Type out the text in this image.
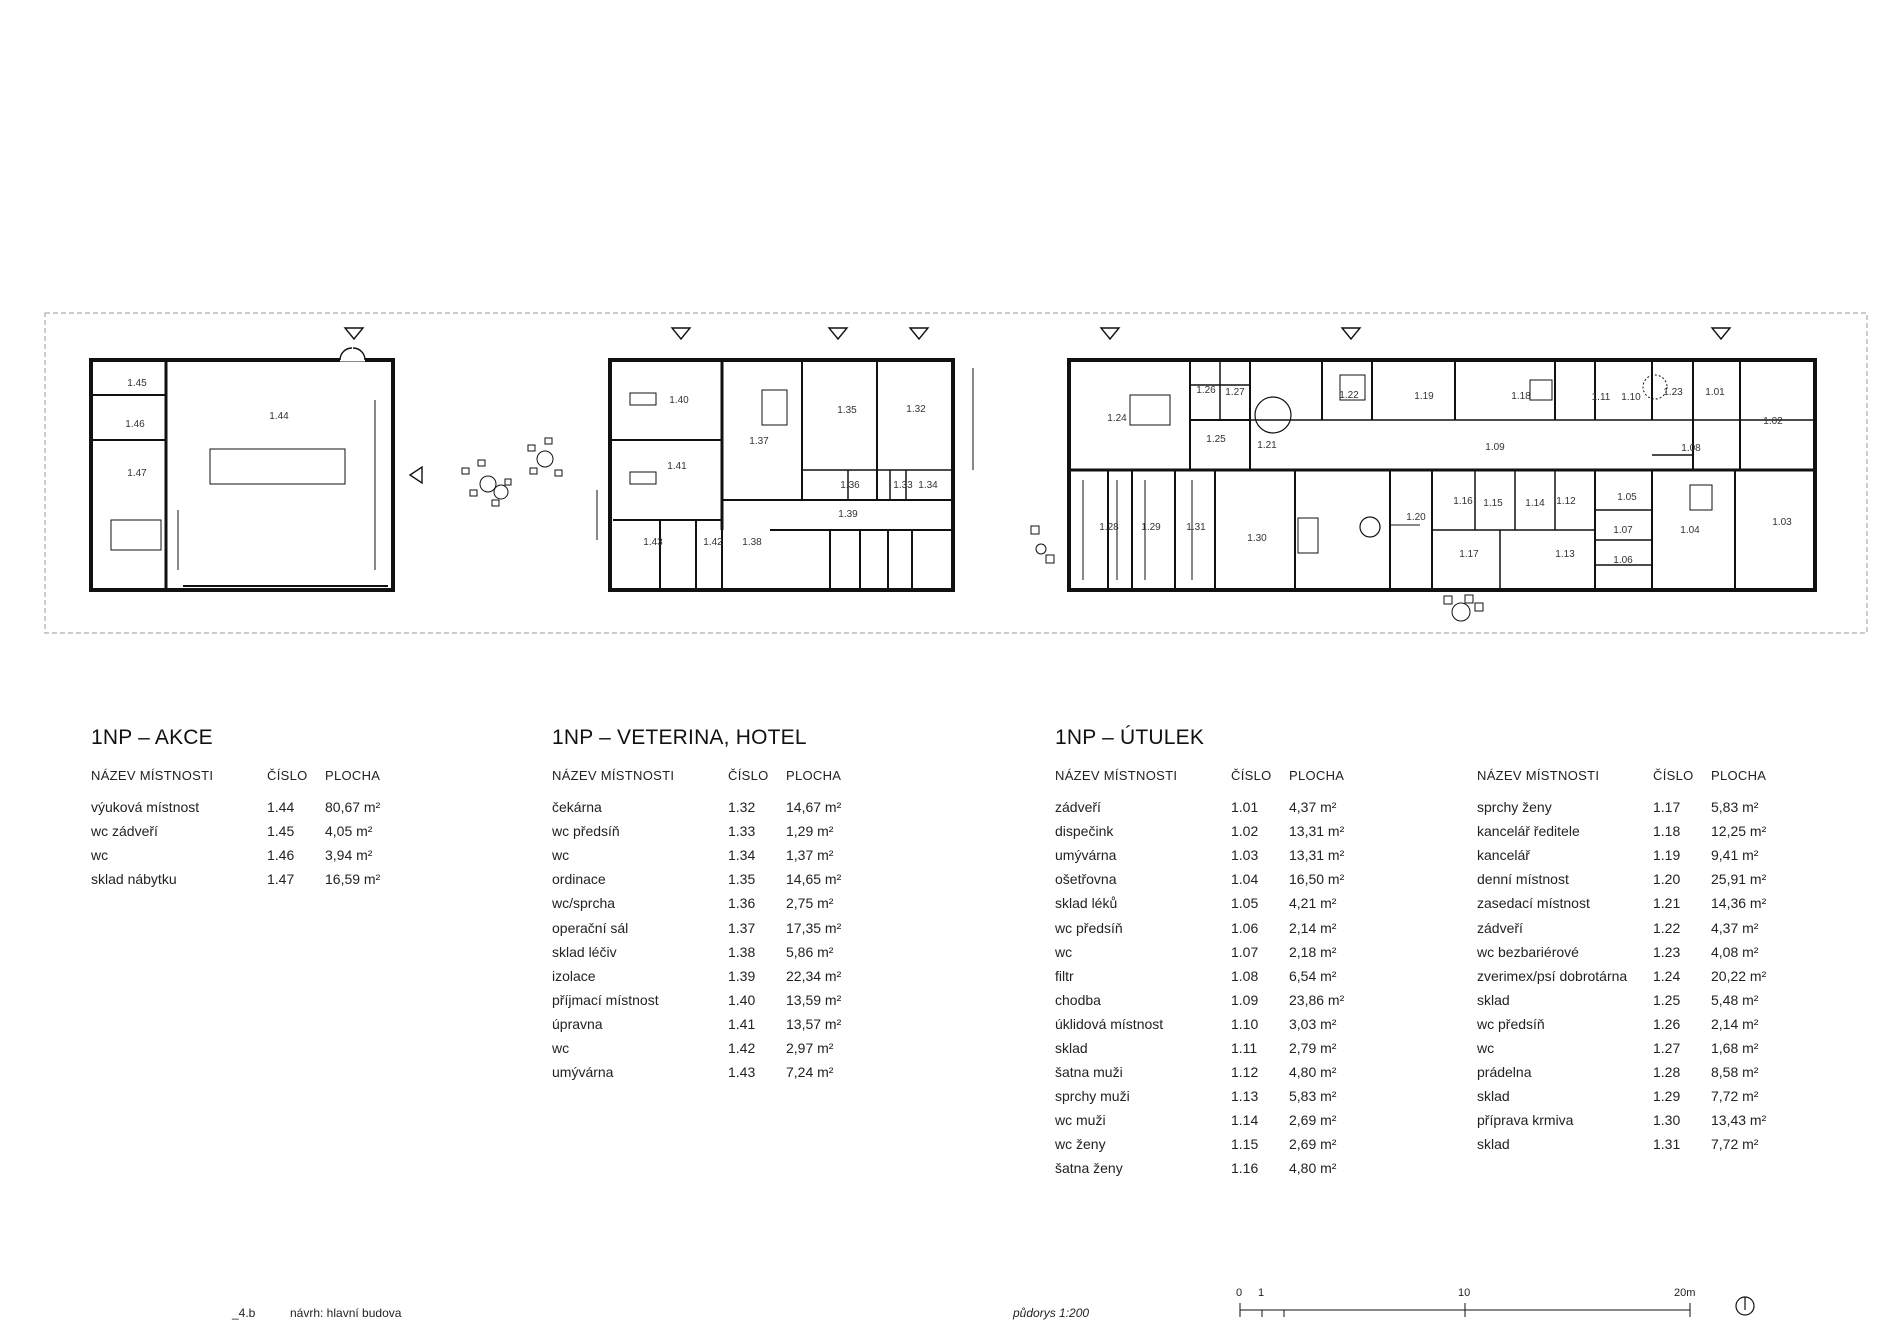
1.45
1.46
1.44
1.47
1.40
1.37
1.35	1.32
1.41
1.36	1.33 1.34
1.39
1.43	1.42 1.38
1.24
1.26 1.27
1.25
1.21
1.22	1.19	1.18	1.11 1.10 1.23 1.01
1.02
1.09	1.08
1.28 1.29	1.31
1.30
1.20
1.16 1.15 1.14 1.12	1.05
1.04
1.03
1.07
1.06
1.17	1.13
1NP – AKCE
NÁZEV MÍSTNOSTI	ČÍSLO	PLOCHA
výuková místnost	1.44	80,67 m²
wc zádveří	1.45	4,05 m²
wc	1.46	3,94 m²
sklad nábytku	1.47	16,59 m²
1NP – VETERINA, HOTEL
NÁZEV MÍSTNOSTI	ČÍSLO	PLOCHA
čekárna	1.32	14,67 m²
wc předsíň	1.33	1,29 m²
wc	1.34	1,37 m²
ordinace	1.35	14,65 m²
wc/sprcha	1.36	2,75 m²
operační sál	1.37	17,35 m²
sklad léčiv	1.38	5,86 m²
izolace	1.39	22,34 m²
příjmací místnost	1.40	13,59 m²
úpravna	1.41	13,57 m²
wc	1.42	2,97 m²
umývárna	1.43	7,24 m²
1NP – ÚTULEK
NÁZEV MÍSTNOSTI	ČÍSLO	PLOCHA
zádveří	1.01	4,37 m²
dispečink	1.02	13,31 m²
umývárna	1.03	13,31 m²
ošetřovna	1.04	16,50 m²
sklad léků	1.05	4,21 m²
wc předsíň	1.06	2,14 m²
wc	1.07	2,18 m²
filtr	1.08	6,54 m²
chodba	1.09	23,86 m²
úklidová místnost	1.10	3,03 m²
sklad	1.11	2,79 m²
šatna muži	1.12	4,80 m²
sprchy muži	1.13	5,83 m²
wc muži	1.14	2,69 m²
wc ženy	1.15	2,69 m²
šatna ženy	1.16	4,80 m²

NÁZEV MÍSTNOSTI	ČÍSLO	PLOCHA
sprchy ženy	1.17	5,83 m²
kancelář ředitele	1.18	12,25 m²
kancelář	1.19	9,41 m²
denní místnost	1.20	25,91 m²
zasedací místnost	1.21	14,36 m²
zádveří	1.22	4,37 m²
wc bezbariérové	1.23	4,08 m²
zverimex/psí dobrotárna	1.24	20,22 m²
sklad	1.25	5,48 m²
wc předsíň	1.26	2,14 m²
wc	1.27	1,68 m²
prádelna	1.28	8,58 m²
sklad	1.29	7,72 m²
příprava krmiva	1.30	13,43 m²
sklad	1.31	7,72 m²
_4.b	návrh: hlavní budova	půdorys 1:200
0 1	10	20m
